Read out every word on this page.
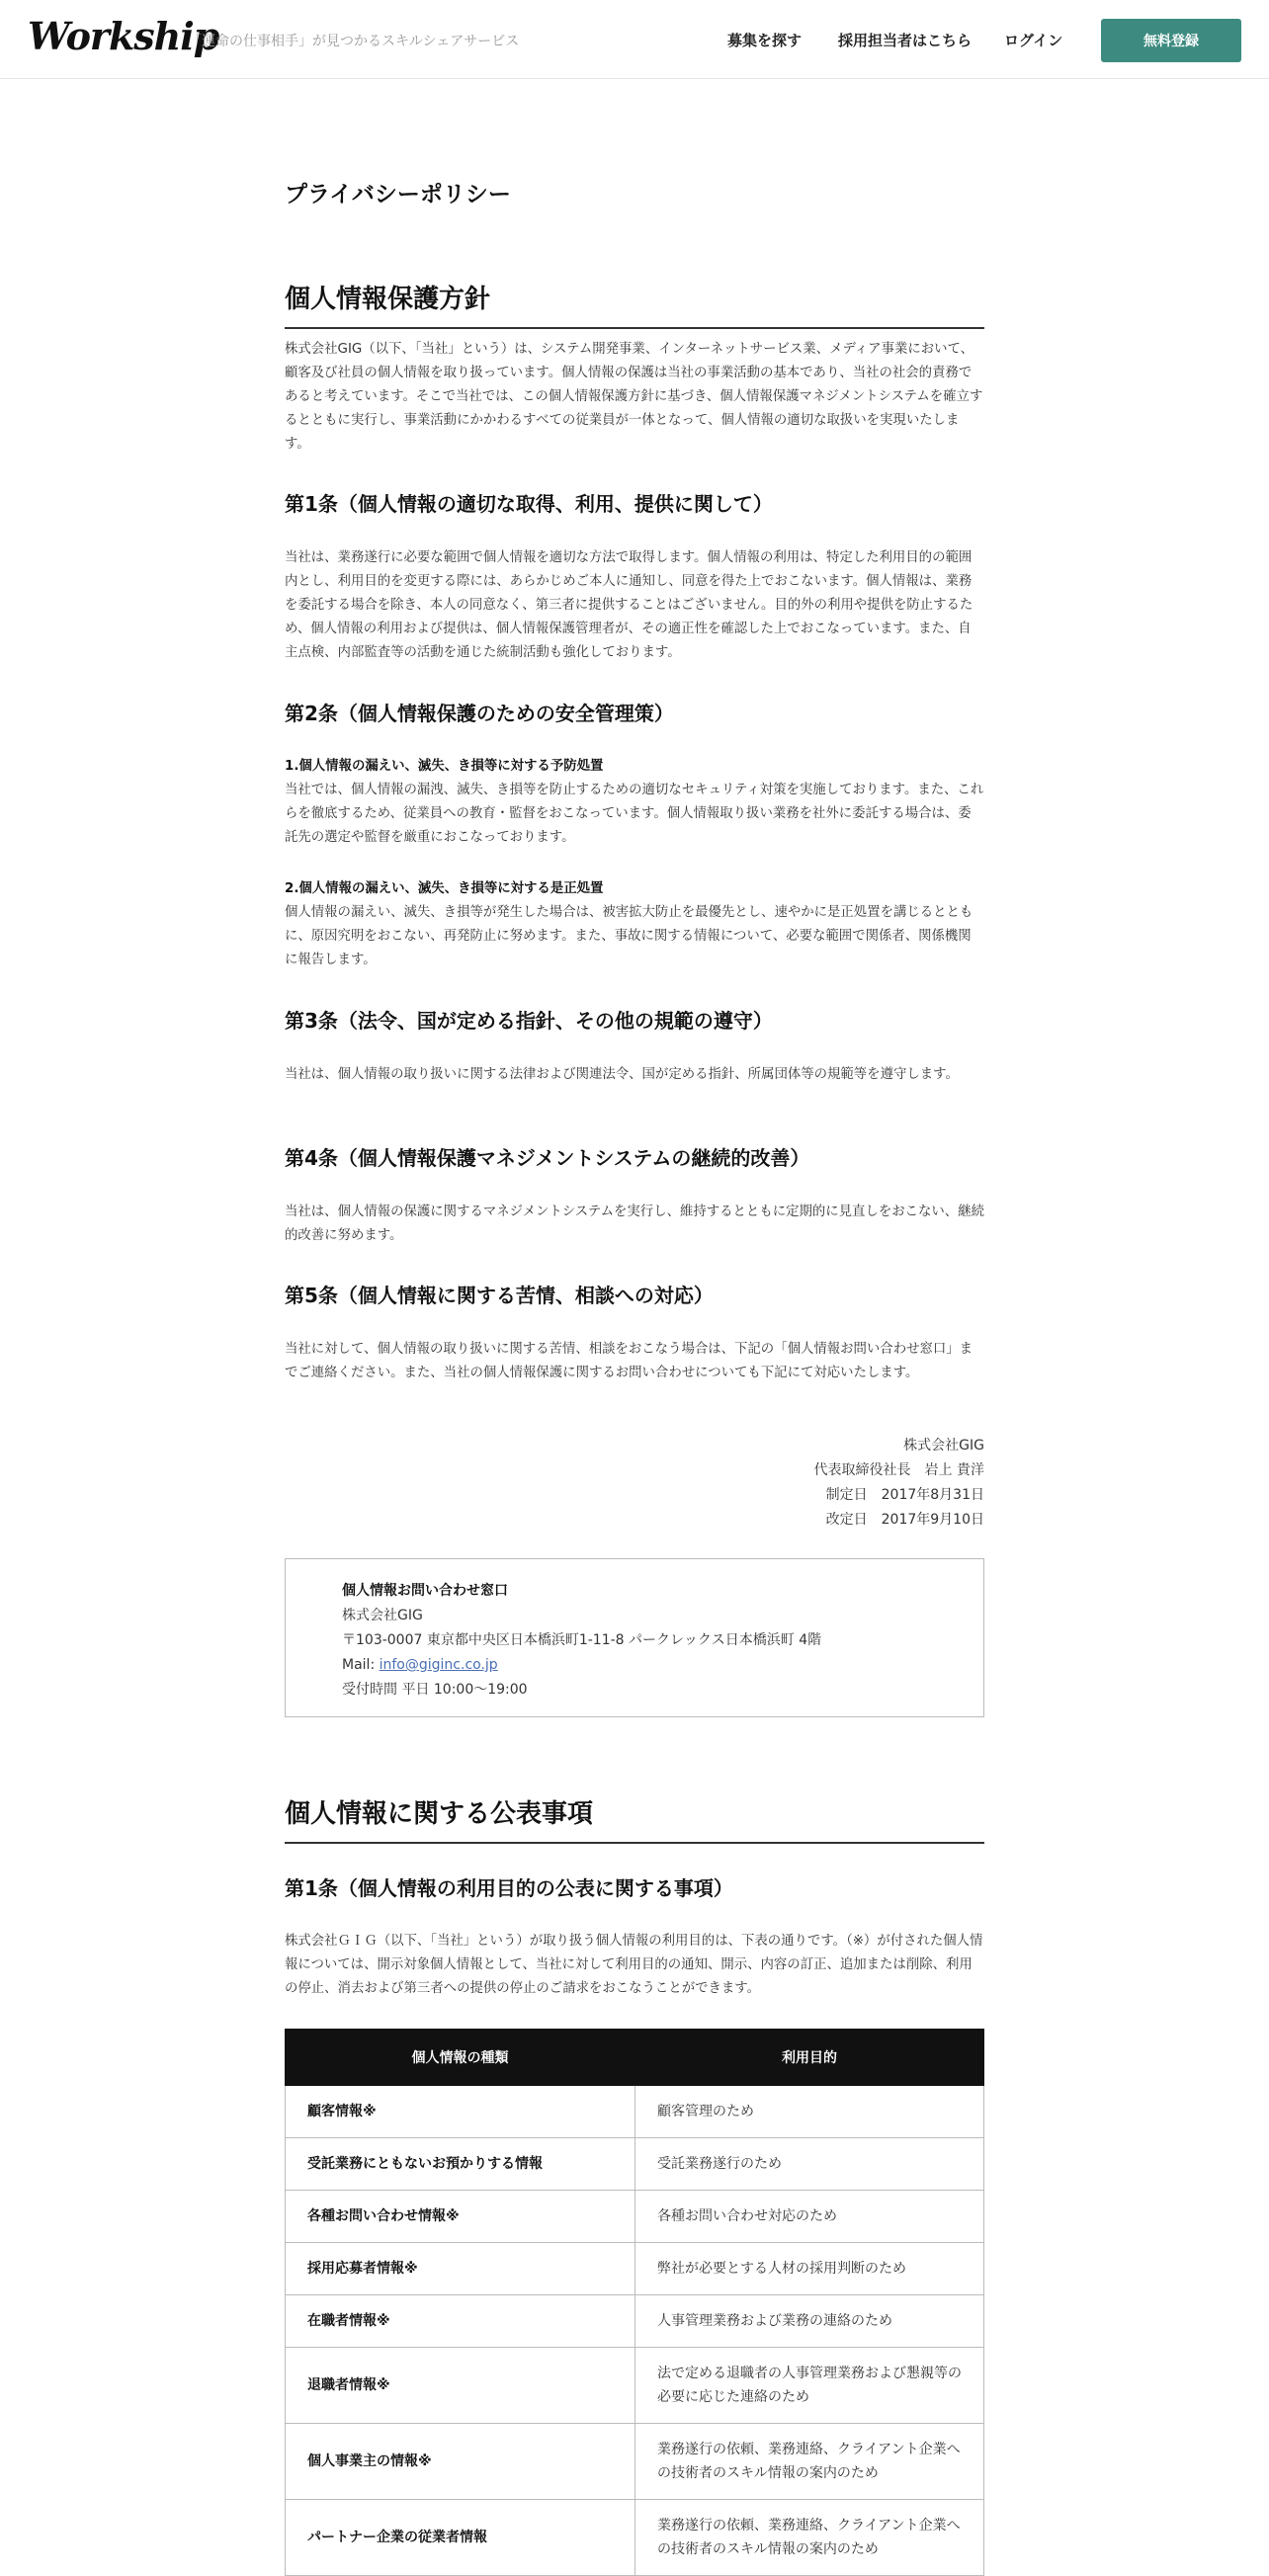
Workship
「運命の仕事相手」が見つかるスキルシェアサービス	募集を探す 採用担当者はこちら ログイン	無料登録
プライバシーポリシー
個人情報保護方針

株式会社GIG（以下、「当社」という）は、システム開発事業、インターネットサービス業、メディア事業において、顧客及び社員の個人情報を取り扱っています。個人情報の保護は当社の事業活動の基本であり、当社の社会的責務であると考えています。そこで当社では、この個人情報保護方針に基づき、個人情報保護マネジメントシステムを確立するとともに実行し、事業活動にかかわるすべての従業員が一体となって、個人情報の適切な取扱いを実現いたします。

第1条（個人情報の適切な取得、利用、提供に関して）

当社は、業務遂行に必要な範囲で個人情報を適切な方法で取得します。個人情報の利用は、特定した利用目的の範囲内とし、利用目的を変更する際には、あらかじめご本人に通知し、同意を得た上でおこないます。個人情報は、業務を委託する場合を除き、本人の同意なく、第三者に提供することはございません。目的外の利用や提供を防止するため、個人情報の利用および提供は、個人情報保護管理者が、その適正性を確認した上でおこなっています。また、自主点検、内部監査等の活動を通じた統制活動も強化しております。

第2条（個人情報保護のための安全管理策）
1.個人情報の漏えい、滅失、き損等に対する予防処置
当社では、個人情報の漏洩、滅失、き損等を防止するための適切なセキュリティ対策を実施しております。また、これらを徹底するため、従業員への教育・監督をおこなっています。個人情報取り扱い業務を社外に委託する場合は、委託先の選定や監督を厳重におこなっております。
2.個人情報の漏えい、滅失、き損等に対する是正処置
個人情報の漏えい、滅失、き損等が発生した場合は、被害拡大防止を最優先とし、速やかに是正処置を講じるとともに、原因究明をおこない、再発防止に努めます。また、事故に関する情報について、必要な範囲で関係者、関係機関に報告します。
第3条（法令、国が定める指針、その他の規範の遵守）

当社は、個人情報の取り扱いに関する法律および関連法令、国が定める指針、所属団体等の規範等を遵守します。

第4条（個人情報保護マネジメントシステムの継続的改善）

当社は、個人情報の保護に関するマネジメントシステムを実行し、維持するとともに定期的に見直しをおこない、継続的改善に努めます。

第5条（個人情報に関する苦情、相談への対応）

当社に対して、個人情報の取り扱いに関する苦情、相談をおこなう場合は、下記の「個人情報お問い合わせ窓口」までご連絡ください。また、当社の個人情報保護に関するお問い合わせについても下記にて対応いたします。

株式会社GIG
代表取締役社長　岩上 貴洋
制定日　2017年8月31日
改定日　2017年9月10日
個人情報お問い合わせ窓口
株式会社GIG
〒103-0007 東京都中央区日本橋浜町1-11-8 パークレックス日本橋浜町 4階
Mail: info@giginc.co.jp
受付時間 平日 10:00〜19:00
個人情報に関する公表事項
第1条（個人情報の利用目的の公表に関する事項）

株式会社ＧＩＧ（以下、「当社」という）が取り扱う個人情報の利用目的は、下表の通りです。（※）が付された個人情報については、開示対象個人情報として、当社に対して利用目的の通知、開示、内容の訂正、追加または削除、利用の停止、消去および第三者への提供の停止のご請求をおこなうことができます。

個人情報の種類	利用目的
顧客情報※	顧客管理のため
受託業務にともないお預かりする情報	受託業務遂行のため
各種お問い合わせ情報※	各種お問い合わせ対応のため
採用応募者情報※	弊社が必要とする人材の採用判断のため
在職者情報※	人事管理業務および業務の連絡のため
退職者情報※	法で定める退職者の人事管理業務および懇親等の必要に応じた連絡のため
個人事業主の情報※	業務遂行の依頼、業務連絡、クライアント企業への技術者のスキル情報の案内のため
パートナー企業の従業者情報	業務遂行の依頼、業務連絡、クライアント企業への技術者のスキル情報の案内のため
